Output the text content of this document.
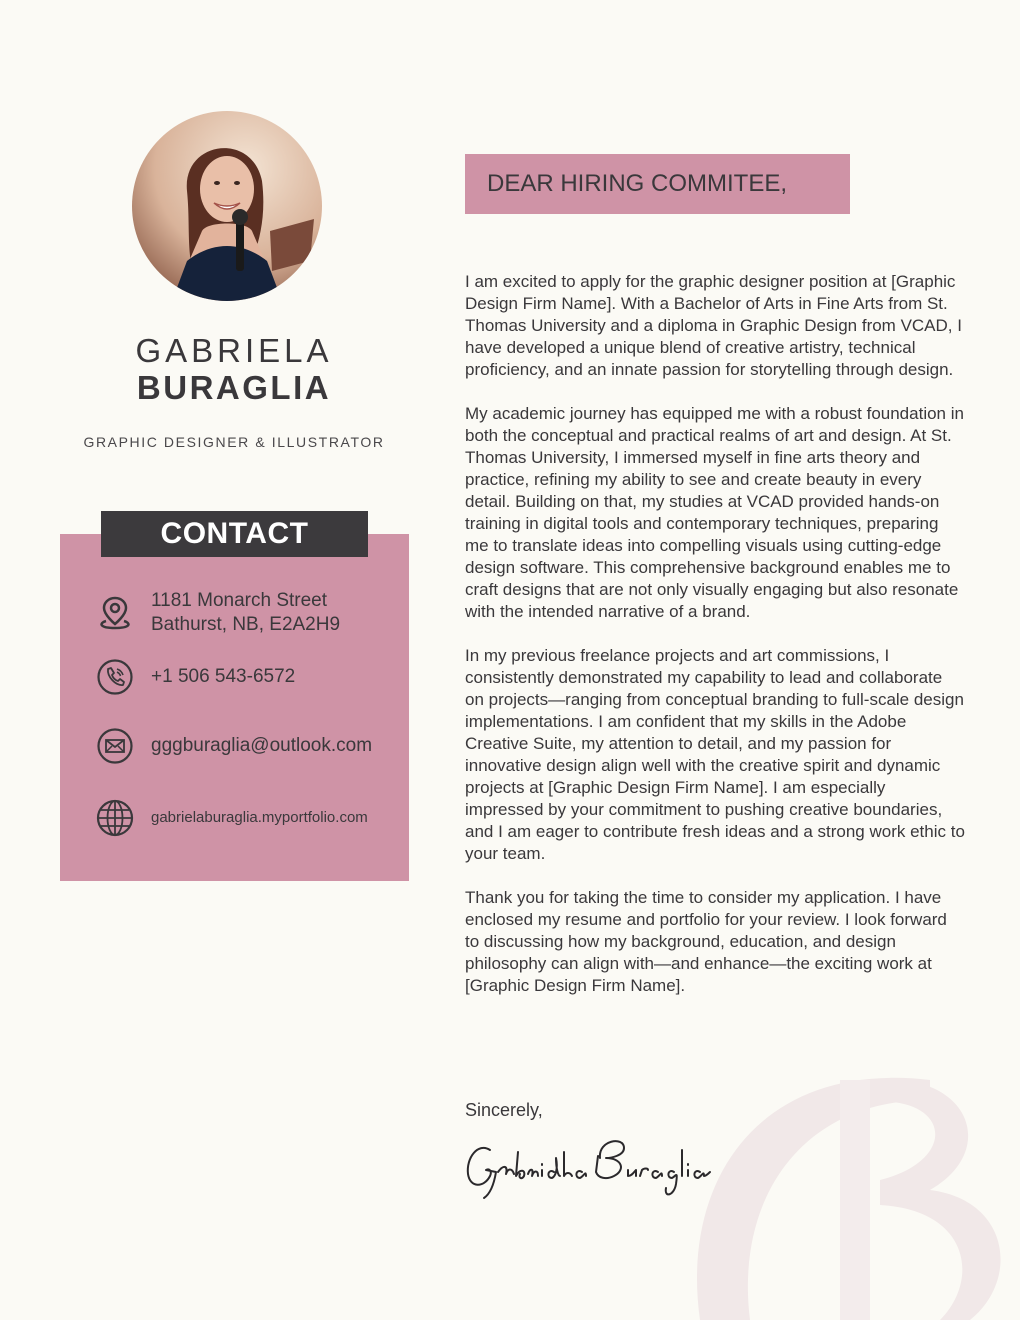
GABRIELA
BURAGLIA
GRAPHIC DESIGNER & ILLUSTRATOR
CONTACT
1181 Monarch Street
Bathurst, NB, E2A2H9
+1 506 543-6572
gggburaglia@outlook.com
gabrielaburaglia.myportfolio.com
DEAR HIRING COMMITEE,

I am excited to apply for the graphic designer position at [Graphic Design Firm Name]. With a Bachelor of Arts in Fine Arts from St. Thomas University and a diploma in Graphic Design from VCAD, I have developed a unique blend of creative artistry, technical proficiency, and an innate passion for storytelling through design.

My academic journey has equipped me with a robust foundation in both the conceptual and practical realms of art and design. At St. Thomas University, I immersed myself in fine arts theory and practice, refining my ability to see and create beauty in every detail. Building on that, my studies at VCAD provided hands-on training in digital tools and contemporary techniques, preparing me to translate ideas into compelling visuals using cutting-edge design software. This comprehensive background enables me to craft designs that are not only visually engaging but also resonate with the intended narrative of a brand.

In my previous freelance projects and art commissions, I consistently demonstrated my capability to lead and collaborate on projects—ranging from conceptual branding to full-scale design implementations. I am confident that my skills in the Adobe Creative Suite, my attention to detail, and my passion for innovative design align well with the creative spirit and dynamic projects at [Graphic Design Firm Name]. I am especially impressed by your commitment to pushing creative boundaries, and I am eager to contribute fresh ideas and a strong work ethic to your team.

Thank you for taking the time to consider my application. I have enclosed my resume and portfolio for your review. I look forward to discussing how my background, education, and design philosophy can align with—and enhance—the exciting work at [Graphic Design Firm Name].

Sincerely,
